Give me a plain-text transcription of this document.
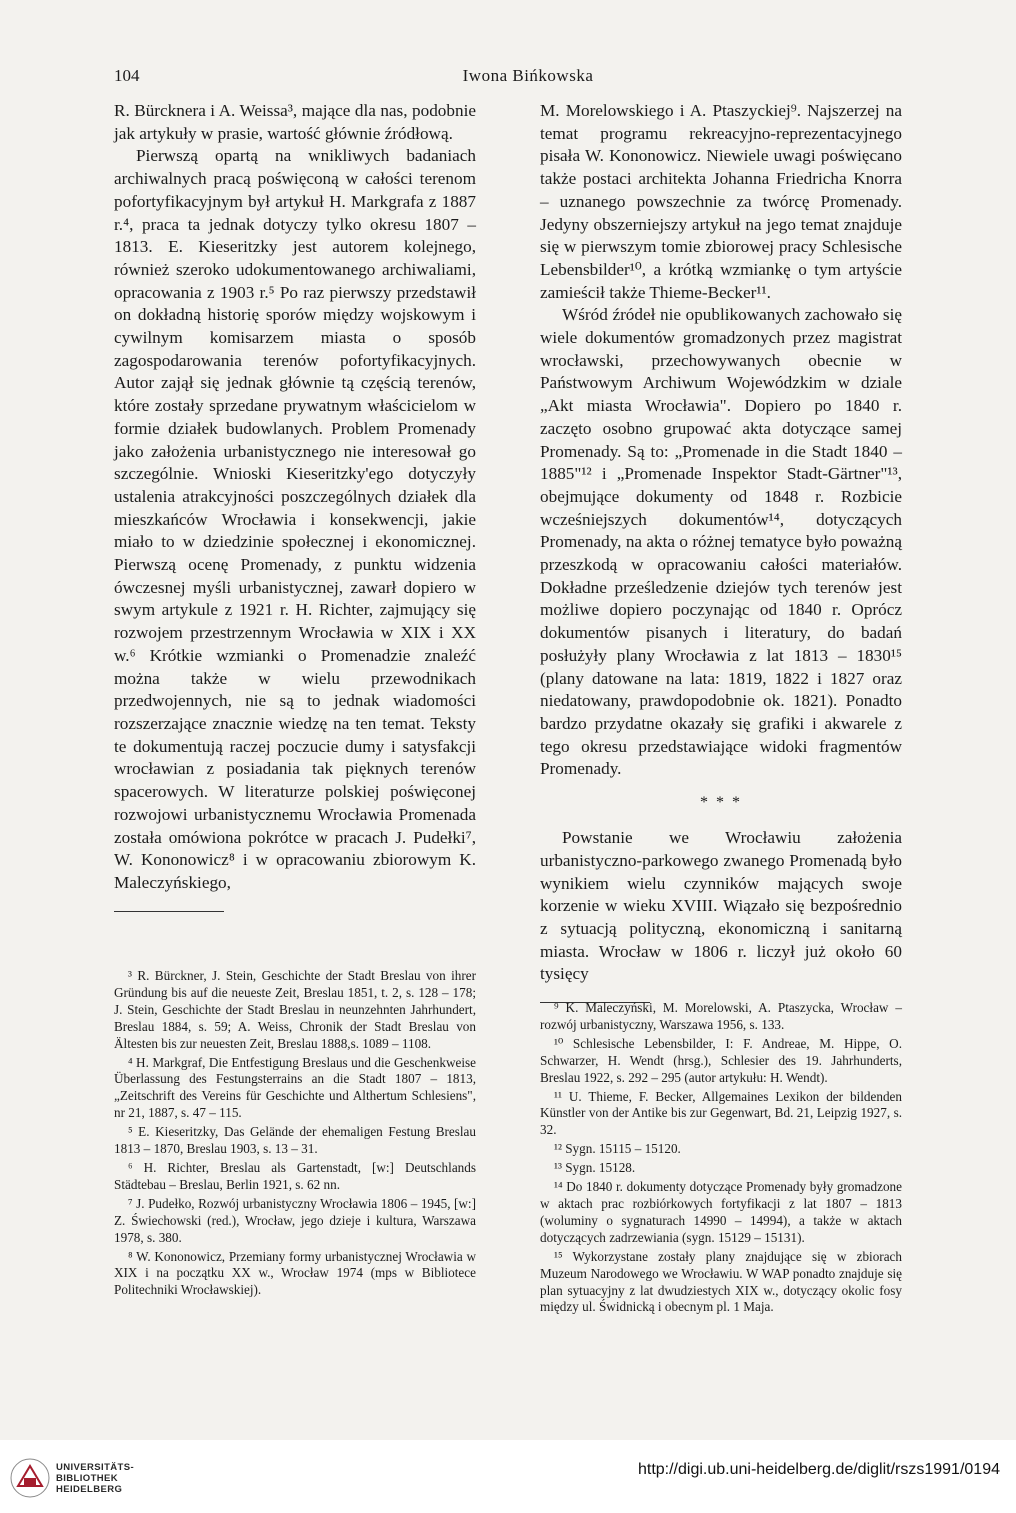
104	Iwona Bińkowska

R. Bürcknera i A. Weissa³, mające dla nas, podobnie jak artykuły w prasie, wartość głównie źródłową.

Pierwszą opartą na wnikliwych badaniach archiwalnych pracą poświęconą w całości terenom pofortyfikacyjnym był artykuł H. Markgrafa z 1887 r.⁴, praca ta jednak dotyczy tylko okresu 1807 – 1813. E. Kieseritzky jest autorem kolejnego, również szeroko udokumentowanego archiwaliami, opracowania z 1903 r.⁵ Po raz pierwszy przedstawił on dokładną historię sporów między wojskowym i cywilnym komisarzem miasta o sposób zagospodarowania terenów pofortyfikacyjnych. Autor zajął się jednak głównie tą częścią terenów, które zostały sprzedane prywatnym właścicielom w formie działek budowlanych. Problem Promenady jako założenia urbanistycznego nie interesował go szczególnie. Wnioski Kieseritzky'ego dotyczyły ustalenia atrakcyjności poszczególnych działek dla mieszkańców Wrocławia i konsekwencji, jakie miało to w dziedzinie społecznej i ekonomicznej. Pierwszą ocenę Promenady, z punktu widzenia ówczesnej myśli urbanistycznej, zawarł dopiero w swym artykule z 1921 r. H. Richter, zajmujący się rozwojem przestrzennym Wrocławia w XIX i XX w.⁶ Krótkie wzmianki o Promenadzie znaleźć można także w wielu przewodnikach przedwojennych, nie są to jednak wiadomości rozszerzające znacznie wiedzę na ten temat. Teksty te dokumentują raczej poczucie dumy i satysfakcji wrocławian z posiadania tak pięknych terenów spacerowych. W literaturze polskiej poświęconej rozwojowi urbanistycznemu Wrocławia Promenada została omówiona pokrótce w pracach J. Pudełki⁷, W. Kononowicz⁸ i w opracowaniu zbiorowym K. Maleczyńskiego,

³ R. Bürckner, J. Stein, Geschichte der Stadt Breslau von ihrer Gründung bis auf die neueste Zeit, Breslau 1851, t. 2, s. 128 – 178; J. Stein, Geschichte der Stadt Breslau in neunzehnten Jahrhundert, Breslau 1884, s. 59; A. Weiss, Chronik der Stadt Breslau von Ältesten bis zur neuesten Zeit, Breslau 1888,s. 1089 – 1108.

⁴ H. Markgraf, Die Entfestigung Breslaus und die Geschenkweise Überlassung des Festungsterrains an die Stadt 1807 – 1813, „Zeitschrift des Vereins für Geschichte und Althertum Schlesiens", nr 21, 1887, s. 47 – 115.

⁵ E. Kieseritzky, Das Gelände der ehemaligen Festung Breslau 1813 – 1870, Breslau 1903, s. 13 – 31.

⁶ H. Richter, Breslau als Gartenstadt, [w:] Deutschlands Städtebau – Breslau, Berlin 1921, s. 62 nn.

⁷ J. Pudełko, Rozwój urbanistyczny Wrocławia 1806 – 1945, [w:] Z. Świechowski (red.), Wrocław, jego dzieje i kultura, Warszawa 1978, s. 380.

⁸ W. Kononowicz, Przemiany formy urbanistycznej Wrocławia w XIX i na początku XX w., Wrocław 1974 (mps w Bibliotece Politechniki Wrocławskiej).

M. Morelowskiego i A. Ptaszyckiej⁹. Najszerzej na temat programu rekreacyjno-reprezentacyjnego pisała W. Kononowicz. Niewiele uwagi poświęcano także postaci architekta Johanna Friedricha Knorra – uznanego powszechnie za twórcę Promenady. Jedyny obszerniejszy artykuł na jego temat znajduje się w pierwszym tomie zbiorowej pracy Schlesische Lebensbilder¹⁰, a krótką wzmiankę o tym artyście zamieścił także Thieme-Becker¹¹.

Wśród źródeł nie opublikowanych zachowało się wiele dokumentów gromadzonych przez magistrat wrocławski, przechowywanych obecnie w Państwowym Archiwum Wojewódzkim w dziale „Akt miasta Wrocławia". Dopiero po 1840 r. zaczęto osobno grupować akta dotyczące samej Promenady. Są to: „Promenade in die Stadt 1840 – 1885"¹² i „Promenade Inspektor Stadt-Gärtner"¹³, obejmujące dokumenty od 1848 r. Rozbicie wcześniejszych dokumentów¹⁴, dotyczących Promenady, na akta o różnej tematyce było poważną przeszkodą w opracowaniu całości materiałów. Dokładne prześledzenie dziejów tych terenów jest możliwe dopiero poczynając od 1840 r. Oprócz dokumentów pisanych i literatury, do badań posłużyły plany Wrocławia z lat 1813 – 1830¹⁵ (plany datowane na lata: 1819, 1822 i 1827 oraz niedatowany, prawdopodobnie ok. 1821). Ponadto bardzo przydatne okazały się grafiki i akwarele z tego okresu przedstawiające widoki fragmentów Promenady.

* * *

Powstanie we Wrocławiu założenia urbanistyczno-parkowego zwanego Promenadą było wynikiem wielu czynników mających swoje korzenie w wieku XVIII. Wiązało się bezpośrednio z sytuacją polityczną, ekonomiczną i sanitarną miasta. Wrocław w 1806 r. liczył już około 60 tysięcy

⁹ K. Maleczyński, M. Morelowski, A. Ptaszycka, Wrocław – rozwój urbanistyczny, Warszawa 1956, s. 133.

¹⁰ Schlesische Lebensbilder, I: F. Andreae, M. Hippe, O. Schwarzer, H. Wendt (hrsg.), Schlesier des 19. Jahrhunderts, Breslau 1922, s. 292 – 295 (autor artykułu: H. Wendt).

¹¹ U. Thieme, F. Becker, Allgemaines Lexikon der bildenden Künstler von der Antike bis zur Gegenwart, Bd. 21, Leipzig 1927, s. 32.

¹² Sygn. 15115 – 15120.

¹³ Sygn. 15128.

¹⁴ Do 1840 r. dokumenty dotyczące Promenady były gromadzone w aktach prac rozbiórkowych fortyfikacji z lat 1807 – 1813 (woluminy o sygnaturach 14990 – 14994), a także w aktach dotyczących zadrzewiania (sygn. 15129 – 15131).

¹⁵ Wykorzystane zostały plany znajdujące się w zbiorach Muzeum Narodowego we Wrocławiu. W WAP ponadto znajduje się plan sytuacyjny z lat dwudziestych XIX w., dotyczący okolic fosy między ul. Świdnicką i obecnym pl. 1 Maja.

UNIVERSITÄTS-
BIBLIOTHEK
HEIDELBERG
http://digi.ub.uni-heidelberg.de/diglit/rszs1991/0194
